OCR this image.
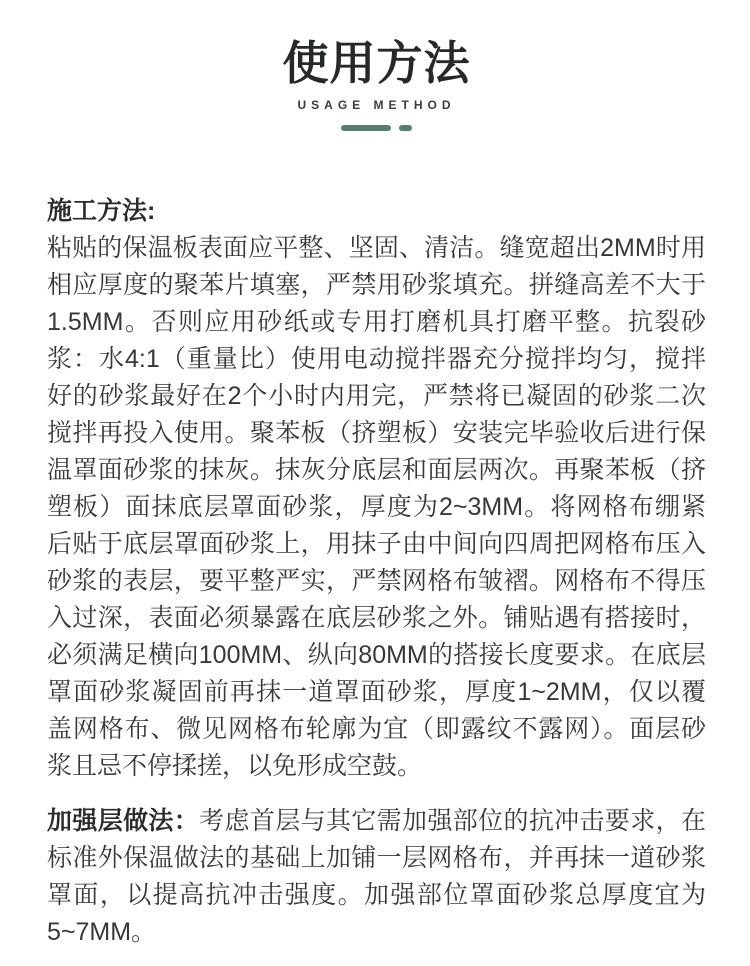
使用方法
USAGE METHOD
施工方法:

粘贴的保温板表面应平整、坚固、清洁。缝宽超出2MM时用相应厚度的聚苯片填塞，严禁用砂浆填充。拼缝高差不大于1.5MM。否则应用砂纸或专用打磨机具打磨平整。抗裂砂浆：水4:1（重量比）使用电动搅拌器充分搅拌均匀，搅拌好的砂浆最好在2个小时内用完，严禁将已凝固的砂浆二次搅拌再投入使用。聚苯板（挤塑板）安装完毕验收后进行保温罩面砂浆的抹灰。抹灰分底层和面层两次。再聚苯板（挤塑板）面抹底层罩面砂浆，厚度为2~3MM。将网格布绷紧后贴于底层罩面砂浆上，用抹子由中间向四周把网格布压入砂浆的表层，要平整严实，严禁网格布皱褶。网格布不得压入过深，表面必须暴露在底层砂浆之外。铺贴遇有搭接时，必须满足横向100MM、纵向80MM的搭接长度要求。在底层罩面砂浆凝固前再抹一道罩面砂浆，厚度1~2MM，仅以覆盖网格布、微见网格布轮廓为宜（即露纹不露网）。面层砂浆且忌不停揉搓，以免形成空鼓。

加强层做法：考虑首层与其它需加强部位的抗冲击要求，在标准外保温做法的基础上加铺一层网格布，并再抹一道砂浆罩面，以提高抗冲击强度。加强部位罩面砂浆总厚度宜为5~7MM。
